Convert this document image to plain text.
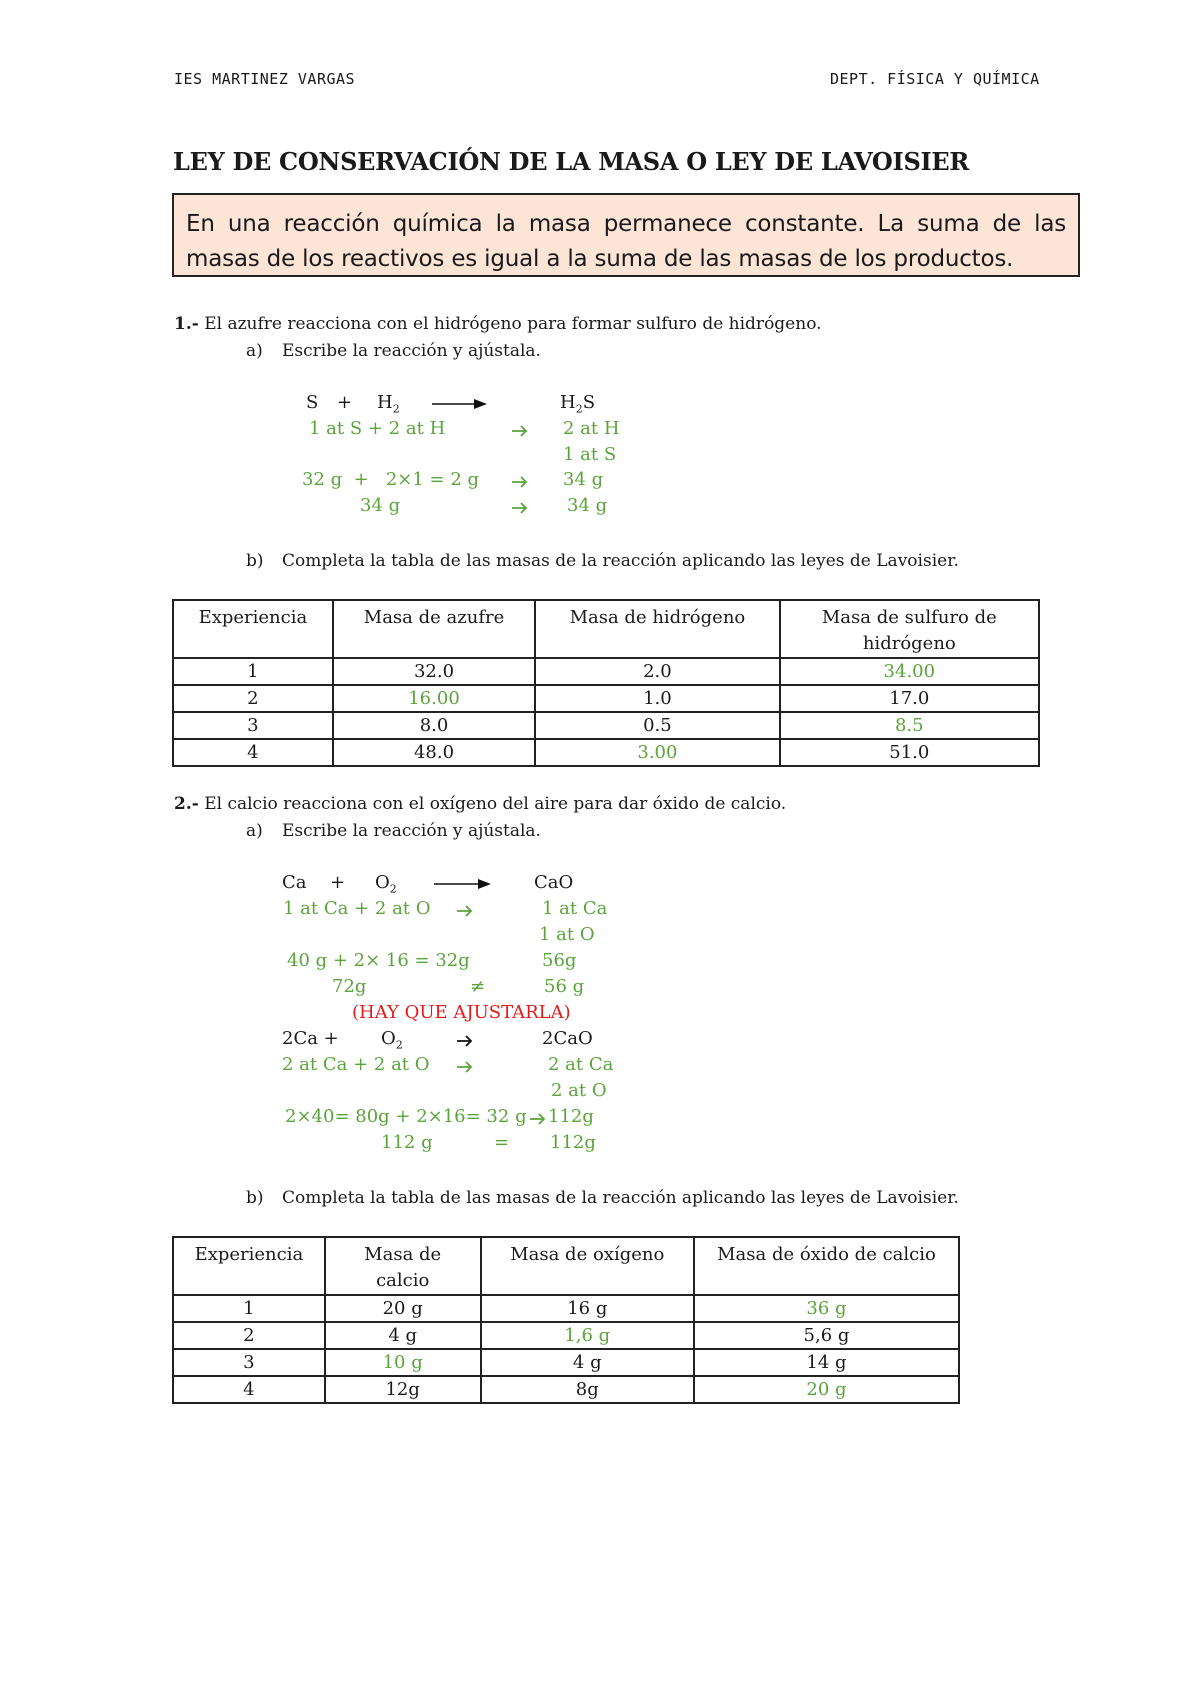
IES MARTINEZ VARGAS	DEPT. FÍSICA Y QUÍMICA
LEY DE CONSERVACIÓN DE LA MASA O LEY DE LAVOISIER
En una reacción química la masa permanece constante. La suma de las masas de los reactivos es igual a la suma de las masas de los productos.
1.- El azufre reacciona con el hidrógeno para formar sulfuro de hidrógeno.
a) Escribe la reacción y ajústala.
$S + H_2$	$H_2S$
1 at S + 2 at H	2 at H
1 at S
32 g  +   2×1 = 2 g	34 g
34 g	34 g
b) Completa la tabla de las masas de la reacción aplicando las leyes de Lavoisier.
Experiencia	Masa de azufre	Masa de hidrógeno	Masa de sulfuro de hidrógeno
1	32.0	2.0	34.00
2	16.00	1.0	17.0
3	8.0	0.5	8.5
4	48.0	3.00	51.0
2.- El calcio reacciona con el oxígeno del aire para dar óxido de calcio.
a) Escribe la reacción y ajústala.
$Ca + O_2$	CaO
1 at Ca + 2 at O	1 at Ca
1 at O
40 g + 2× 16 = 32g	56g
72g	≠	56 g
(HAY QUE AJUSTARLA)
$2Ca + O_2$	2CaO
2 at Ca + 2 at O	2 at Ca
2 at O
2×40= 80g + 2×16= 32 g 112g
112 g	= 112g
b) Completa la tabla de las masas de la reacción aplicando las leyes de Lavoisier.
Experiencia	Masa de calcio	Masa de oxígeno	Masa de óxido de calcio
1	20 g	16 g	36 g
2	4 g	1,6 g	5,6 g
3	10 g	4 g	14 g
4	12g	8g	20 g
